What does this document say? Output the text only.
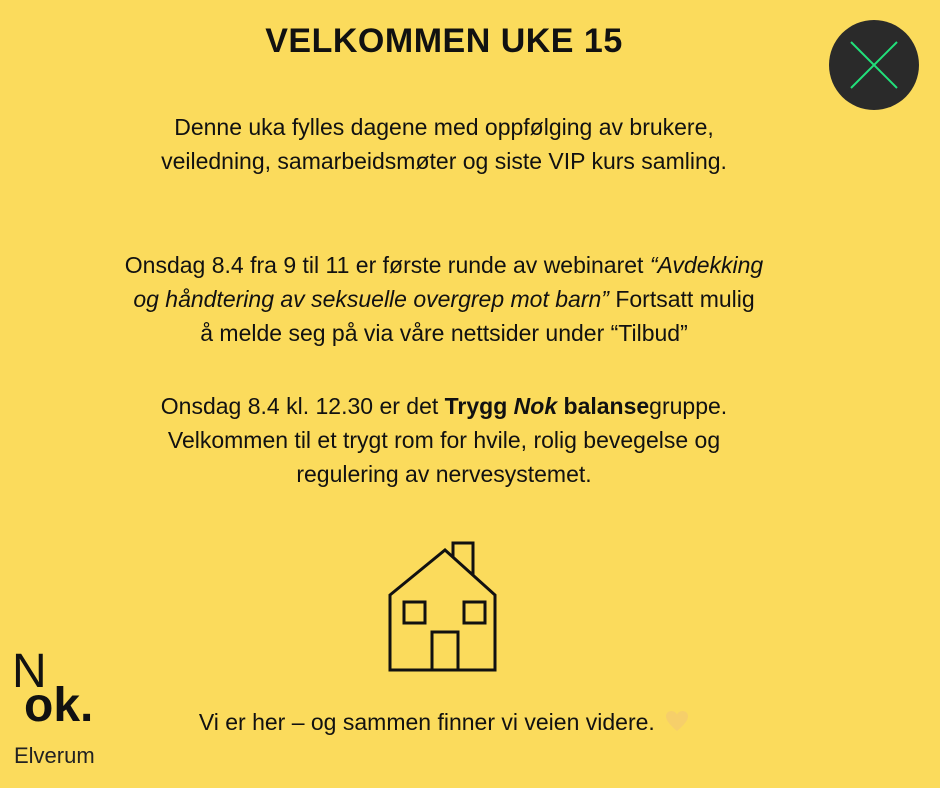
VELKOMMEN UKE 15
Denne uka fylles dagene med oppfølging av brukere,
veiledning, samarbeidsmøter og siste VIP kurs samling.
Onsdag 8.4 fra 9 til 11 er første runde av webinaret “Avdekking
og håndtering av seksuelle overgrep mot barn” Fortsatt mulig
å melde seg på via våre nettsider under “Tilbud”
Onsdag 8.4 kl. 12.30 er det Trygg Nok balansegruppe.
Velkommen til et trygt rom for hvile, rolig bevegelse og
regulering av nervesystemet.
Vi er her – og sammen finner vi veien videre.
N
ok.
Elverum
